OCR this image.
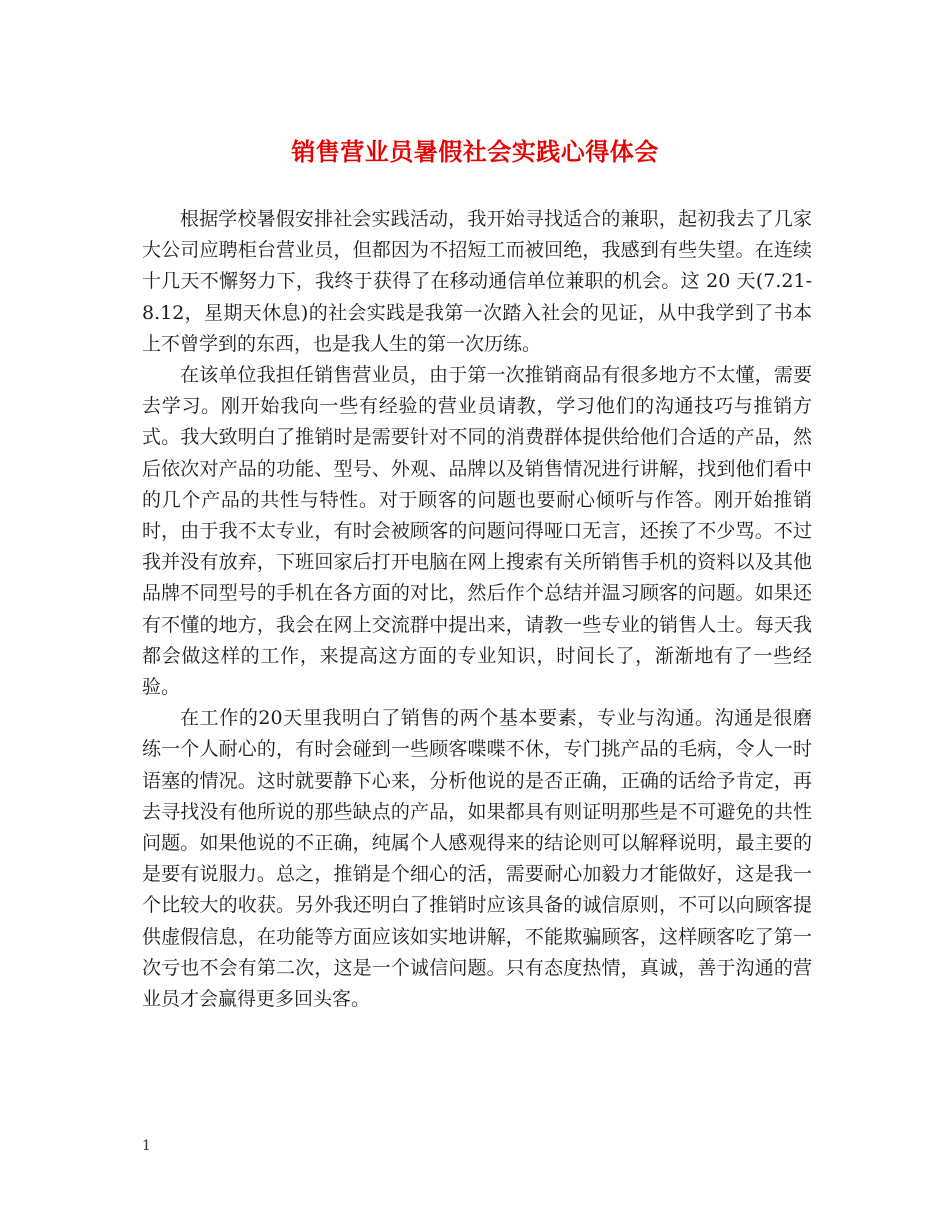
销售营业员暑假社会实践心得体会

根据学校暑假安排社会实践活动，我开始寻找适合的兼职，起初我去了几家大公司应聘柜台营业员，但都因为不招短工而被回绝，我感到有些失望。在连续十几天不懈努力下，我终于获得了在移动通信单位兼职的机会。这 20 天(7.21-8.12，星期天休息)的社会实践是我第一次踏入社会的见证，从中我学到了书本上不曾学到的东西，也是我人生的第一次历练。

在该单位我担任销售营业员，由于第一次推销商品有很多地方不太懂，需要去学习。刚开始我向一些有经验的营业员请教，学习他们的沟通技巧与推销方式。我大致明白了推销时是需要针对不同的消费群体提供给他们合适的产品，然后依次对产品的功能、型号、外观、品牌以及销售情况进行讲解，找到他们看中的几个产品的共性与特性。对于顾客的问题也要耐心倾听与作答。刚开始推销时，由于我不太专业，有时会被顾客的问题问得哑口无言，还挨了不少骂。不过我并没有放弃，下班回家后打开电脑在网上搜索有关所销售手机的资料以及其他品牌不同型号的手机在各方面的对比，然后作个总结并温习顾客的问题。如果还有不懂的地方，我会在网上交流群中提出来，请教一些专业的销售人士。每天我都会做这样的工作，来提高这方面的专业知识，时间长了，渐渐地有了一些经验。

在工作的20天里我明白了销售的两个基本要素，专业与沟通。沟通是很磨练一个人耐心的，有时会碰到一些顾客喋喋不休，专门挑产品的毛病，令人一时语塞的情况。这时就要静下心来，分析他说的是否正确，正确的话给予肯定，再去寻找没有他所说的那些缺点的产品，如果都具有则证明那些是不可避免的共性问题。如果他说的不正确，纯属个人感观得来的结论则可以解释说明，最主要的是要有说服力。总之，推销是个细心的活，需要耐心加毅力才能做好，这是我一个比较大的收获。另外我还明白了推销时应该具备的诚信原则，不可以向顾客提供虚假信息，在功能等方面应该如实地讲解，不能欺骗顾客，这样顾客吃了第一次亏也不会有第二次，这是一个诚信问题。只有态度热情，真诚，善于沟通的营业员才会赢得更多回头客。

1
